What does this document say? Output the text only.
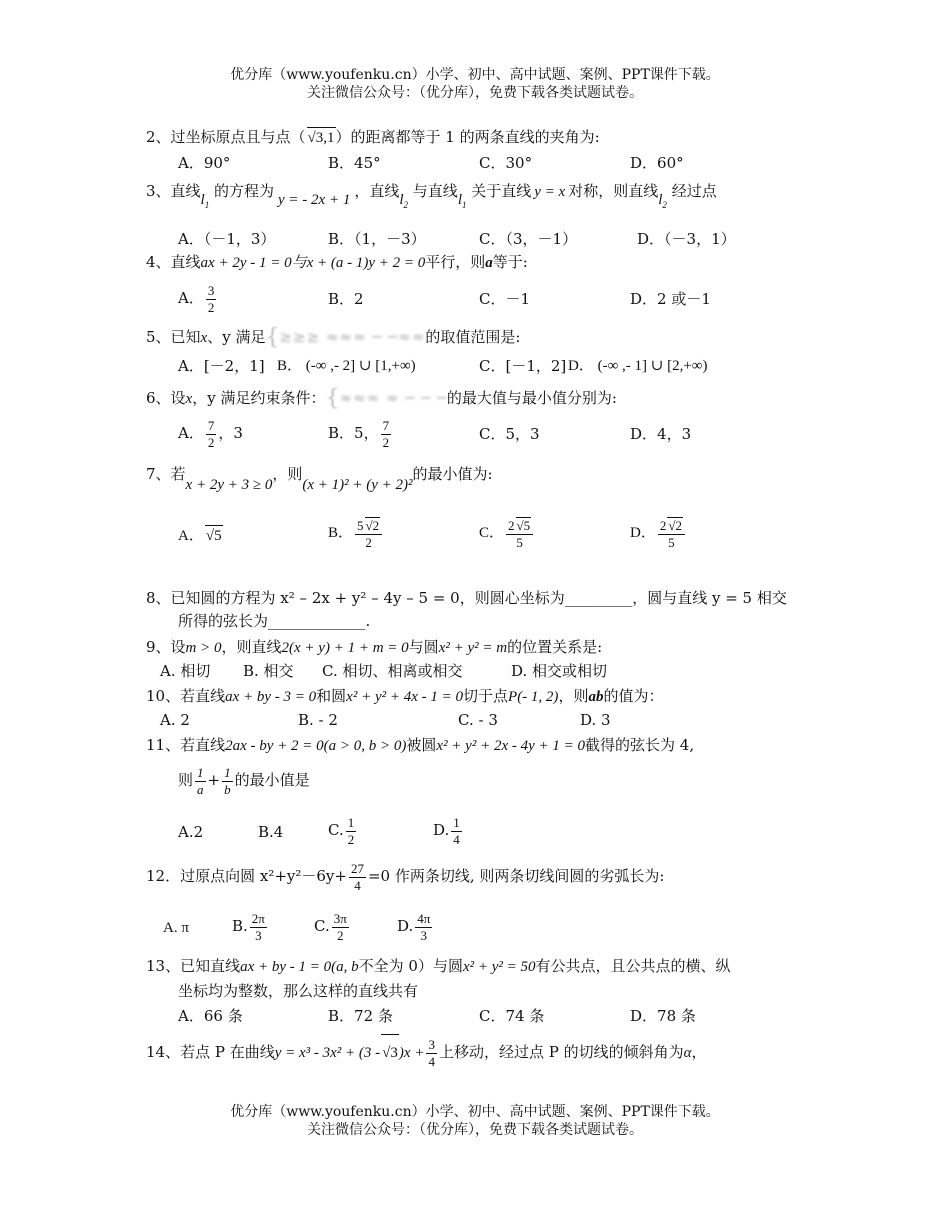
优分库（www.youfenku.cn）小学、初中、高中试题、案例、PPT课件下载。
关注微信公众号：（优分库），免费下载各类试题试卷。
2、过坐标原点且与点（ √ 3,1）的距离都等于 1 的两条直线的夹角为:
A．90°	B．45°	C．30°	D．60°
3、直线$l_1$ 的方程为 y = - 2x + 1 ，直线$l_2$ 与直线$l_1$ 关于直线 y = x 对称，则直线$l_2$ 经过点
A．（－1，3）	B．（1，－3）	C．（3，－1）	D．（－3，1）
4、直线ax + 2y - 1 = 0与x + (a - 1)y + 2 = 0平行，则a等于:
A． $\frac{3}{2}$	B．2	C．－1	D．2 或－1
5、已知x、y 满足{≥≥≥ ≈≈≈ ─ ─≈≈的取值范围是:
A．[－2，1] B． (-∞ ,- 2] ∪ [1,+∞)	C．[－1，2] D． (-∞ ,- 1] ∪ [2,+∞)
6、设x，y 满足约束条件：{≈≈≈ ≈ ─ ─ ─的最大值与最小值分别为:
A． $\frac{7}{2}$ ，3	B．5， $\frac{7}{2}$	C．5，3	D．4，3
7、若x + 2y + 3 ≥ 0，则(x + 1)² + (y + 2)²的最小值为:
A． √ 5	B． $\frac{5 √ 2}{2}$	C． $\frac{2 √ 5}{5}$	D． $\frac{2 √ 2}{5}$
8、已知圆的方程为 x² – 2x + y² – 4y – 5 = 0，则圆心坐标为_________，圆与直线 y = 5 相交
所得的弦长为_____________.
9、设m > 0，则直线2(x + y) + 1 + m = 0与圆x² + y² = m的位置关系是:
A. 相切 B. 相交 C. 相切、相离或相交	D. 相交或相切
10、若直线ax + by - 3 = 0和圆x² + y² + 4x - 1 = 0切于点P(- 1, 2)，则ab的值为：
A. 2	B. - 2	C. - 3	D. 3
11、若直线2ax - by + 2 = 0(a > 0, b > 0)被圆x² + y² + 2x - 4y + 1 = 0截得的弦长为 4,
则 $\frac{1}{a} + \frac{1}{b}$ 的最小值是
A.2	B.4	C. $\frac{1}{2}$	D. $\frac{1}{4}$
12．过原点向圆 $x^2+y^2-6y+ \frac{27}{4} =0$ 作两条切线, 则两条切线间圆的劣弧长为:
A. π	B. $\frac{2\pi}{3}$	C. $\frac{3\pi}{2}$	D. $\frac{4\pi}{3}$
13、已知直线ax + by - 1 = 0(a, b不全为 0）与圆x² + y² = 50有公共点，且公共点的横、纵
坐标均为整数，那么这样的直线共有
A．66 条	B．72 条	C．74 条	D．78 条
14、若点 P 在曲线y = x³ - 3x² + (3 - √ $3)x + \frac{3}{4}$ 上移动，经过点 P 的切线的倾斜角为α，
优分库（www.youfenku.cn）小学、初中、高中试题、案例、PPT课件下载。
关注微信公众号：（优分库），免费下载各类试题试卷。
